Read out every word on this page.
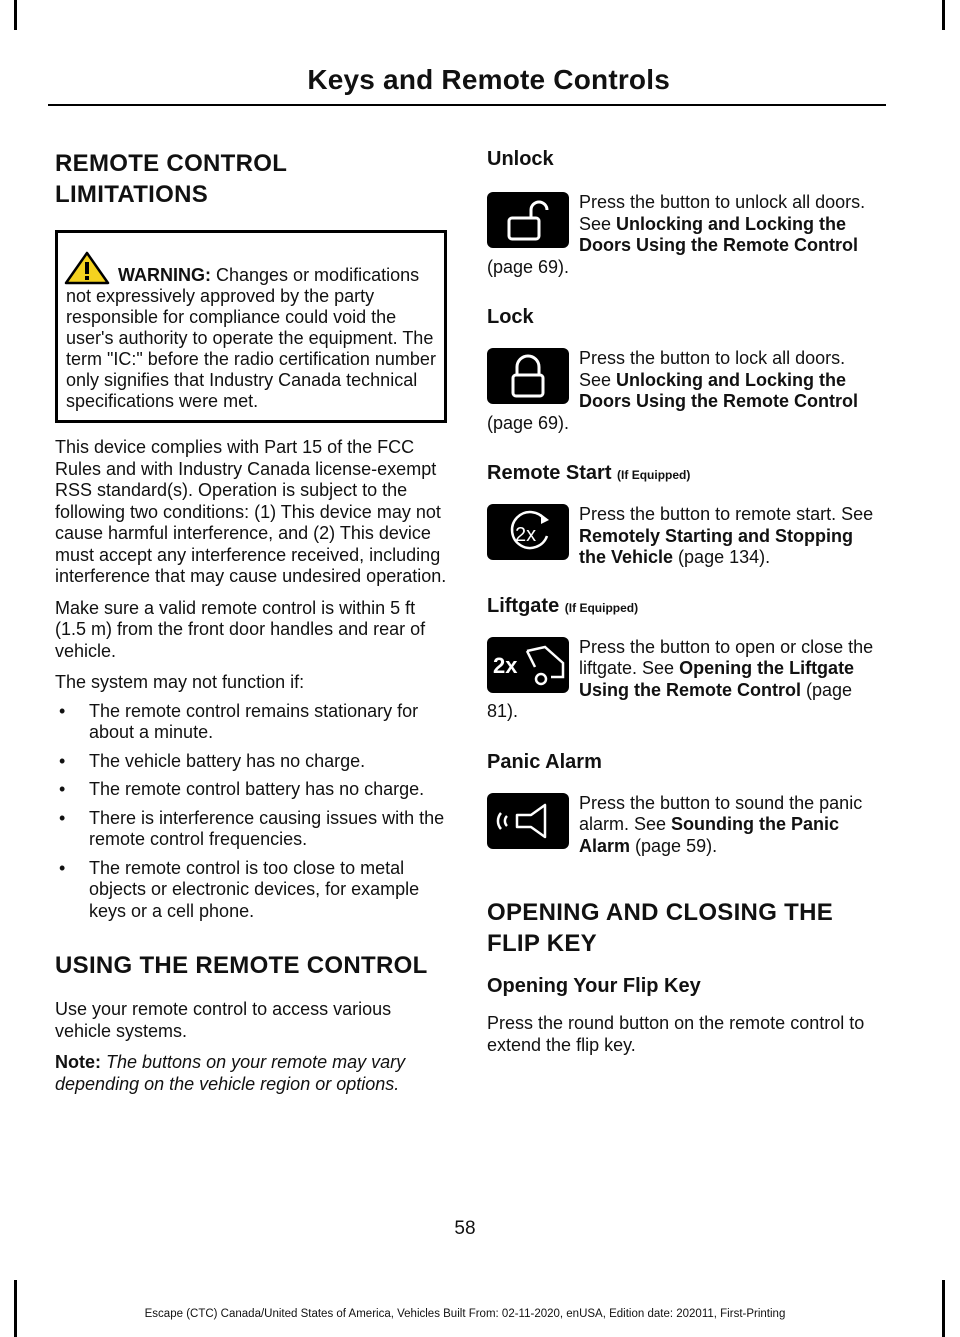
Keys and Remote Controls
REMOTE CONTROL
LIMITATIONS

WARNING: Changes or modifications not expressively approved by the party responsible for compliance could void the user's authority to operate the equipment. The term "IC:" before the radio certification number only signifies that Industry Canada technical specifications were met.

This device complies with Part 15 of the FCC Rules and with Industry Canada license-exempt RSS standard(s). Operation is subject to the following two conditions: (1) This device may not cause harmful interference, and (2) This device must accept any interference received, including interference that may cause undesired operation.

Make sure a valid remote control is within 5 ft (1.5 m) from the front door handles and rear of vehicle.

The system may not function if:

• The remote control remains stationary for about a minute.
• The vehicle battery has no charge.
• The remote control battery has no charge.
• There is interference causing issues with the remote control frequencies.
• The remote control is too close to metal objects or electronic devices, for example keys or a cell phone.
USING THE REMOTE CONTROL

Use your remote control to access various vehicle systems.

Note: The buttons on your remote may vary depending on the vehicle region or options.

Unlock

Press the button to unlock all doors. See Unlocking and Locking the Doors Using the Remote Control (page 69).

Lock

Press the button to lock all doors. See Unlocking and Locking the Doors Using the Remote Control (page 69).

Remote Start (If Equipped)
2x

Press the button to remote start. See Remotely Starting and Stopping the Vehicle (page 134).

Liftgate (If Equipped)
2x

Press the button to open or close the liftgate. See Opening the Liftgate Using the Remote Control (page 81).

Panic Alarm

Press the button to sound the panic alarm. See Sounding the Panic Alarm (page 59).

OPENING AND CLOSING THE
FLIP KEY
Opening Your Flip Key

Press the round button on the remote control to extend the flip key.

58
Escape (CTC) Canada/United States of America, Vehicles Built From: 02-11-2020, enUSA, Edition date: 202011, First-Printing
